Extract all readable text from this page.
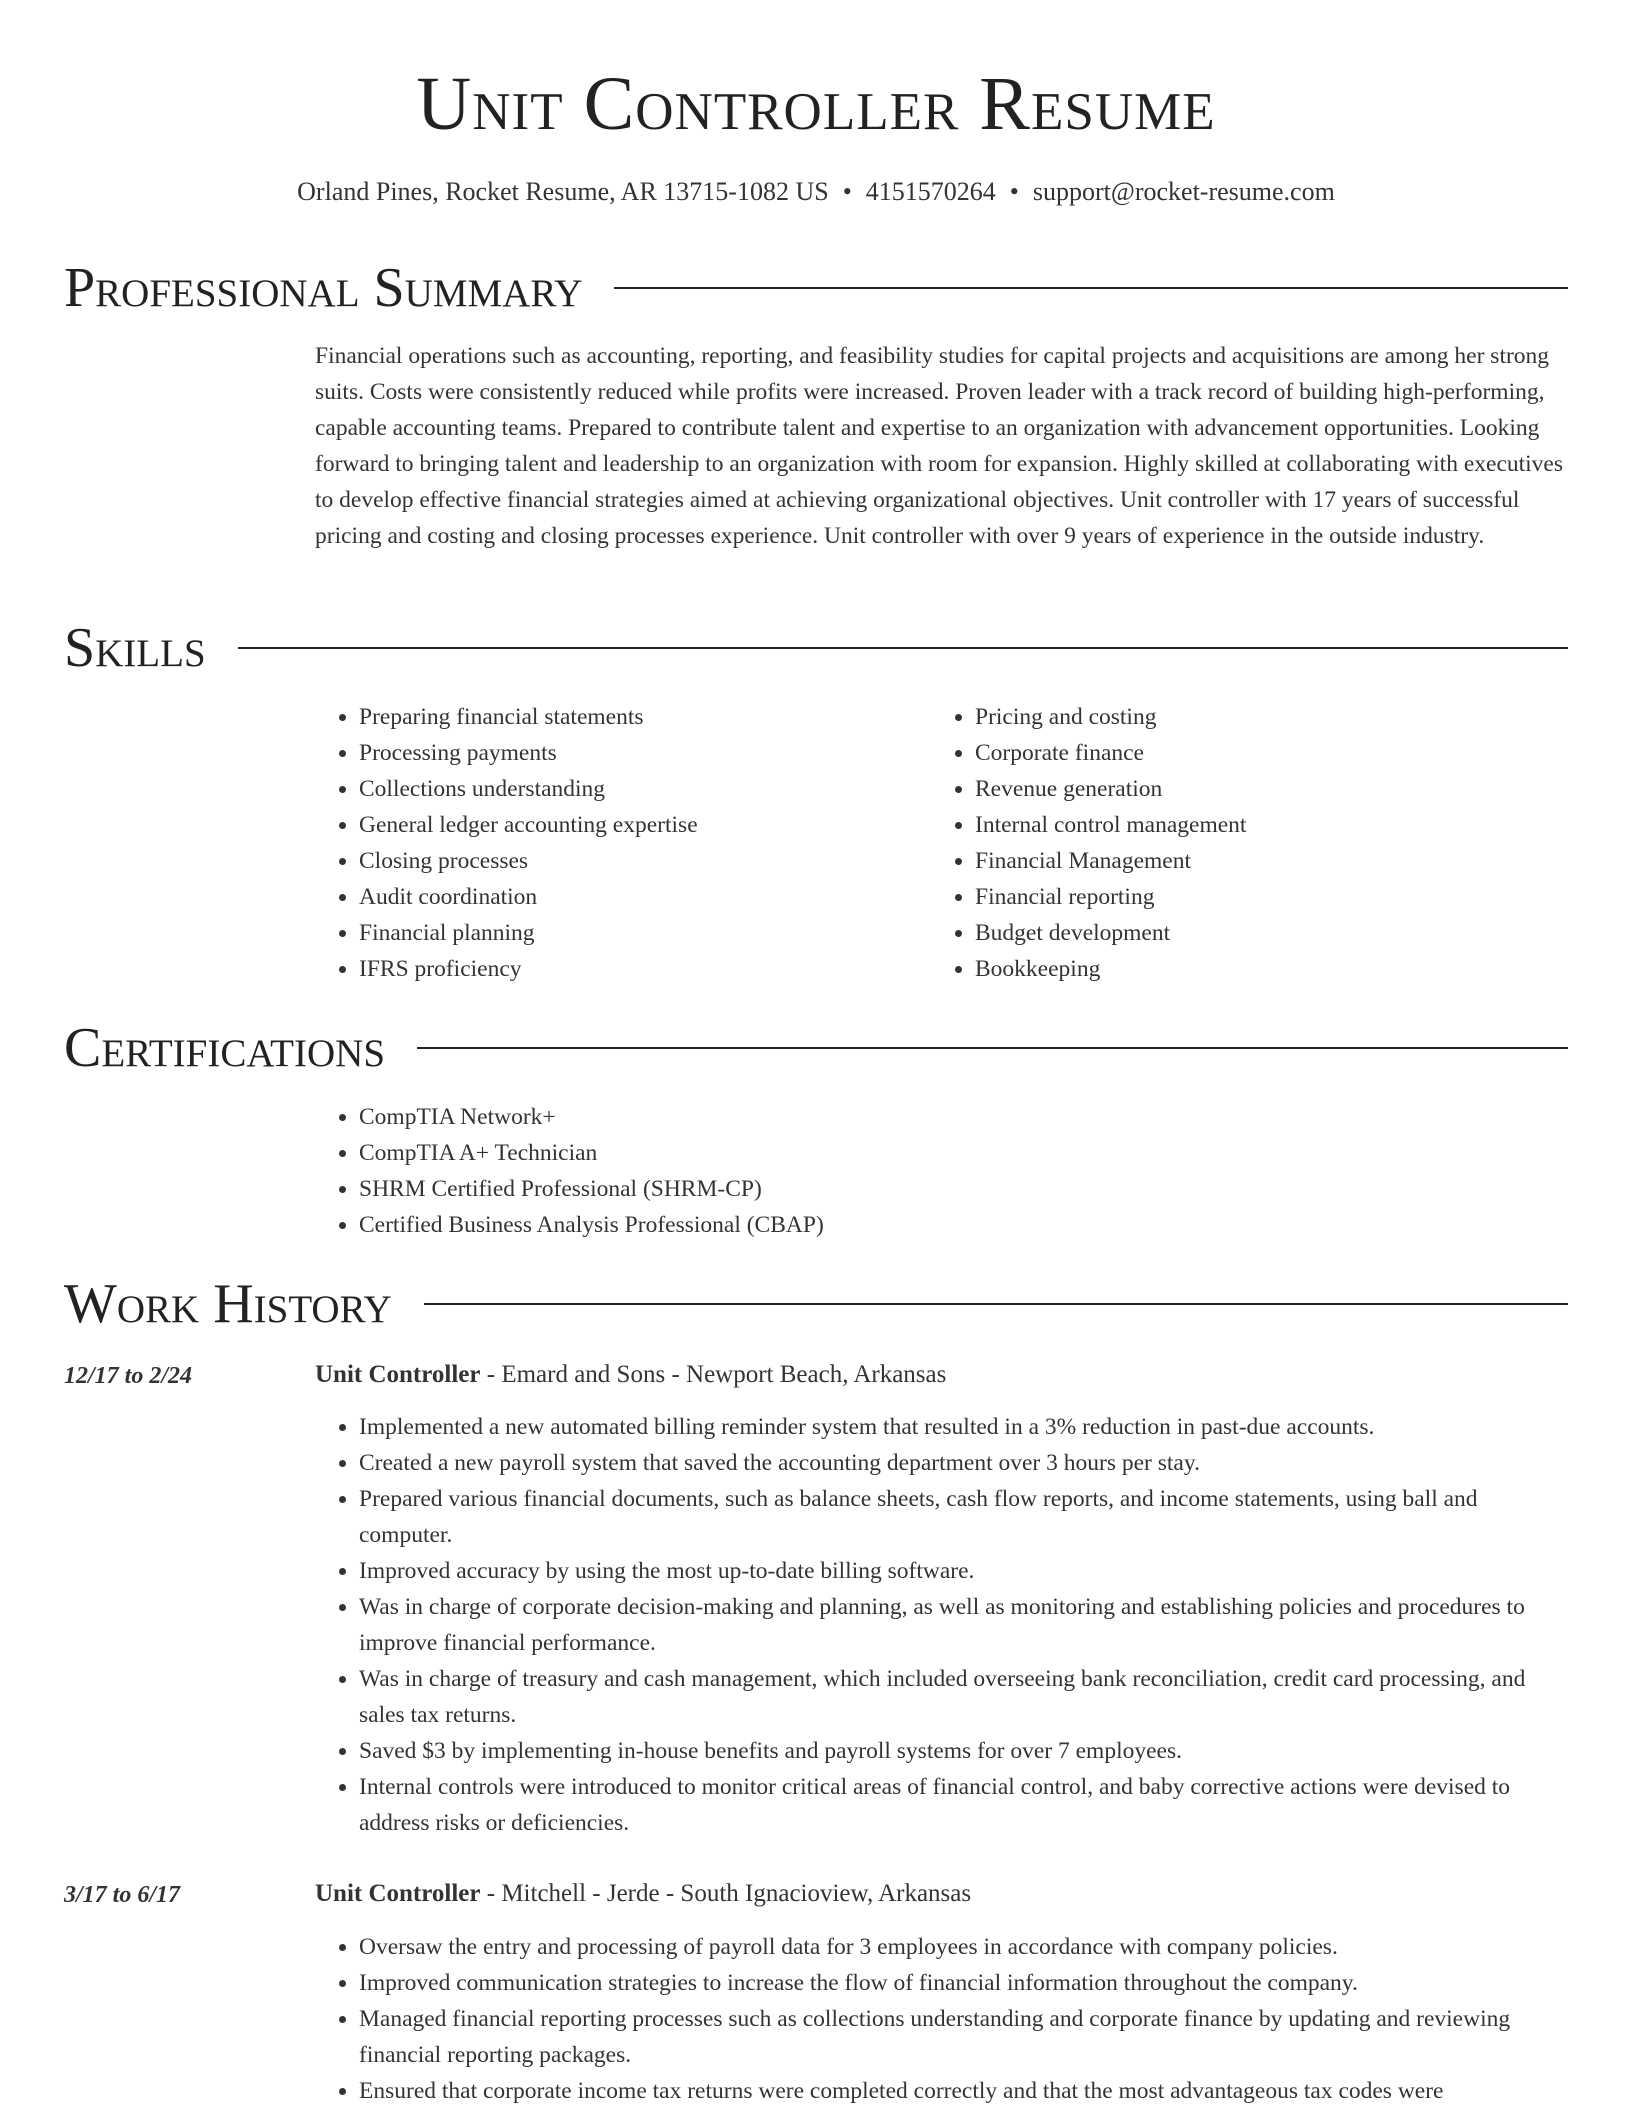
Unit Controller Resume
Orland Pines, Rocket Resume, AR 13715-1082 US • 4151570264 • support@rocket-resume.com
Professional Summary
Financial operations such as accounting, reporting, and feasibility studies for capital projects and acquisitions are among her strong suits. Costs were consistently reduced while profits were increased. Proven leader with a track record of building high-performing, capable accounting teams. Prepared to contribute talent and expertise to an organization with advancement opportunities. Looking forward to bringing talent and leadership to an organization with room for expansion. Highly skilled at collaborating with executives to develop effective financial strategies aimed at achieving organizational objectives. Unit controller with 17 years of successful pricing and costing and closing processes experience. Unit controller with over 9 years of experience in the outside industry.
Skills
• Preparing financial statements
• Processing payments
• Collections understanding
• General ledger accounting expertise
• Closing processes
• Audit coordination
• Financial planning
• IFRS proficiency
• Pricing and costing
• Corporate finance
• Revenue generation
• Internal control management
• Financial Management
• Financial reporting
• Budget development
• Bookkeeping
Certifications
• CompTIA Network+
• CompTIA A+ Technician
• SHRM Certified Professional (SHRM-CP)
• Certified Business Analysis Professional (CBAP)
Work History
12/17 to 2/24	Unit Controller - Emard and Sons - Newport Beach, Arkansas
• Implemented a new automated billing reminder system that resulted in a 3% reduction in past-due accounts.
• Created a new payroll system that saved the accounting department over 3 hours per stay.
• Prepared various financial documents, such as balance sheets, cash flow reports, and income statements, using ball and computer.
• Improved accuracy by using the most up-to-date billing software.
• Was in charge of corporate decision-making and planning, as well as monitoring and establishing policies and procedures to improve financial performance.
• Was in charge of treasury and cash management, which included overseeing bank reconciliation, credit card processing, and sales tax returns.
• Saved $3 by implementing in-house benefits and payroll systems for over 7 employees.
• Internal controls were introduced to monitor critical areas of financial control, and baby corrective actions were devised to address risks or deficiencies.
3/17 to 6/17	Unit Controller - Mitchell - Jerde - South Ignacioview, Arkansas
• Oversaw the entry and processing of payroll data for 3 employees in accordance with company policies.
• Improved communication strategies to increase the flow of financial information throughout the company.
• Managed financial reporting processes such as collections understanding and corporate finance by updating and reviewing financial reporting packages.
• Ensured that corporate income tax returns were completed correctly and that the most advantageous tax codes were
